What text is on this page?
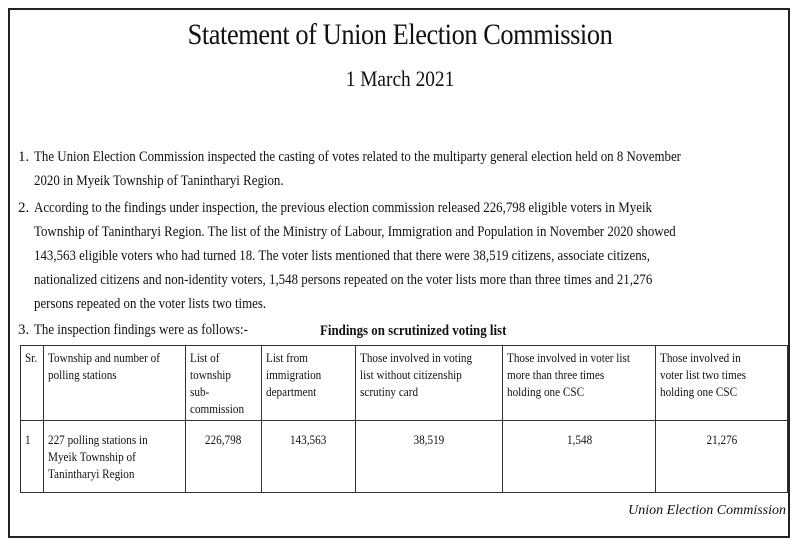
Statement of Union Election Commission
1 March 2021
1. The Union Election Commission inspected the casting of votes related to the multiparty general election held on 8 November 2020 in Myeik Township of Tanintharyi Region.
2. According to the findings under inspection, the previous election commission released 226,798 eligible voters in Myeik Township of Tanintharyi Region. The list of the Ministry of Labour, Immigration and Population in November 2020 showed 143,563 eligible voters who had turned 18. The voter lists mentioned that there were 38,519 citizens, associate citizens, nationalized citizens and non-identity voters, 1,548 persons repeated on the voter lists more than three times and 21,276 persons repeated on the voter lists two times.
3. The inspection findings were as follows:-	Findings on scrutinized voting list
Sr.	Township and number of polling stations	List of township sub-commission	List from immigration department	Those involved in voting list without citizenship scrutiny card	Those involved in voter list more than three times holding one CSC	Those involved in voter list two times holding one CSC
1	227 polling stations in Myeik Township of Tanintharyi Region	226,798	143,563	38,519	1,548	21,276
Union Election Commission
